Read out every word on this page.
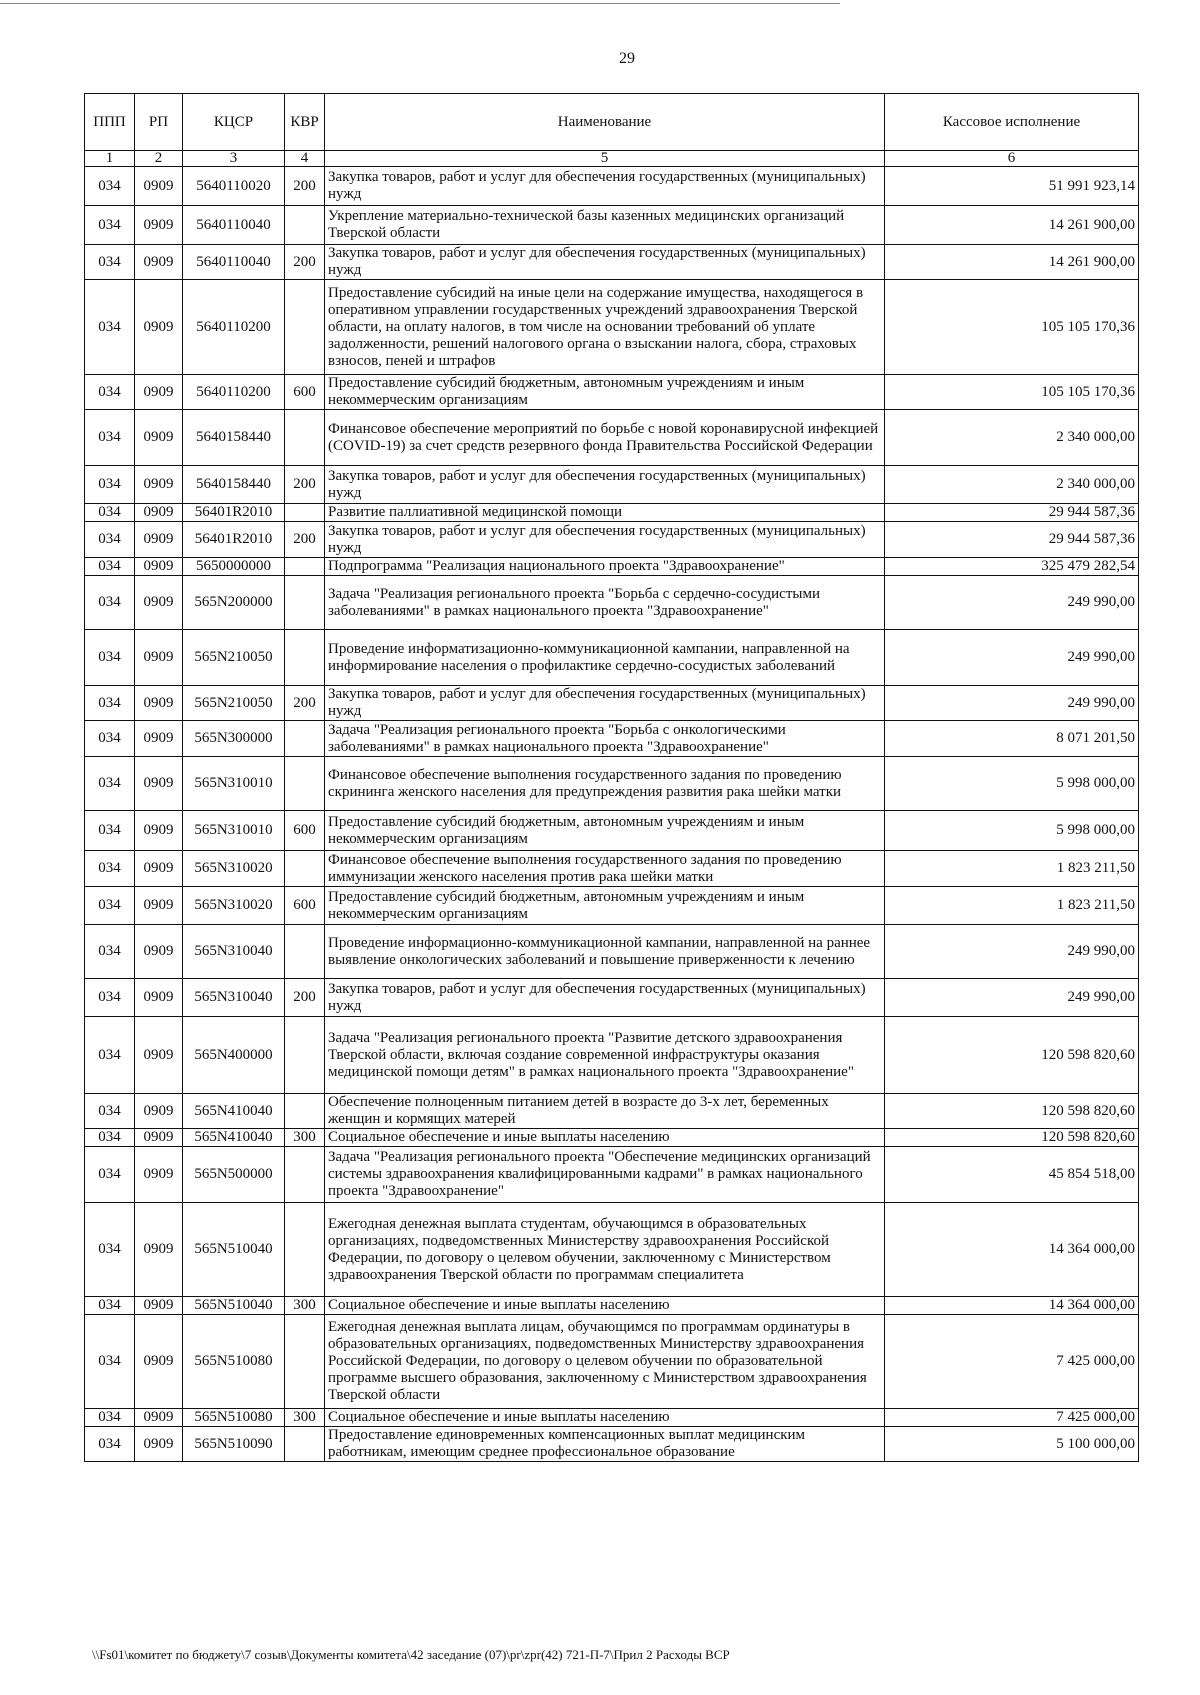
29
ППП	РП	КЦСР	КВР	Наименование	Кассовое исполнение
1	2	3	4	5	6
034	0909	5640110020	200	Закупка товаров, работ и услуг для обеспечения государственных (муниципальных) нужд	51 991 923,14
034	0909	5640110040		Укрепление материально-технической базы казенных медицинских организаций Тверской области	14 261 900,00
034	0909	5640110040	200	Закупка товаров, работ и услуг для обеспечения государственных (муниципальных) нужд	14 261 900,00
034	0909	5640110200		Предоставление субсидий на иные цели на содержание имущества, находящегося в оперативном управлении государственных учреждений здравоохранения Тверской области, на оплату налогов, в том числе на основании требований об уплате задолженности, решений налогового органа о взыскании налога, сбора, страховых взносов, пеней и штрафов	105 105 170,36
034	0909	5640110200	600	Предоставление субсидий бюджетным, автономным учреждениям и иным некоммерческим организациям	105 105 170,36
034	0909	5640158440		Финансовое обеспечение мероприятий по борьбе с новой коронавирусной инфекцией (COVID-19) за счет средств резервного фонда Правительства Российской Федерации	2 340 000,00
034	0909	5640158440	200	Закупка товаров, работ и услуг для обеспечения государственных (муниципальных) нужд	2 340 000,00
034	0909	56401R2010		Развитие паллиативной медицинской помощи	29 944 587,36
034	0909	56401R2010	200	Закупка товаров, работ и услуг для обеспечения государственных (муниципальных) нужд	29 944 587,36
034	0909	5650000000		Подпрограмма "Реализация национального проекта "Здравоохранение"	325 479 282,54
034	0909	565N200000		Задача "Реализация регионального проекта "Борьба с сердечно-сосудистыми заболеваниями" в рамках национального проекта "Здравоохранение"	249 990,00
034	0909	565N210050		Проведение информатизационно-коммуникационной кампании, направленной на информирование населения о профилактике сердечно-сосудистых заболеваний	249 990,00
034	0909	565N210050	200	Закупка товаров, работ и услуг для обеспечения государственных (муниципальных) нужд	249 990,00
034	0909	565N300000		Задача "Реализация регионального проекта "Борьба с онкологическими заболеваниями" в рамках национального проекта "Здравоохранение"	8 071 201,50
034	0909	565N310010		Финансовое обеспечение выполнения государственного задания по проведению скрининга женского населения для предупреждения развития рака шейки матки	5 998 000,00
034	0909	565N310010	600	Предоставление субсидий бюджетным, автономным учреждениям и иным некоммерческим организациям	5 998 000,00
034	0909	565N310020		Финансовое обеспечение выполнения государственного задания по проведению иммунизации женского населения против рака шейки матки	1 823 211,50
034	0909	565N310020	600	Предоставление субсидий бюджетным, автономным учреждениям и иным некоммерческим организациям	1 823 211,50
034	0909	565N310040		Проведение информационно-коммуникационной кампании, направленной на раннее выявление онкологических заболеваний и повышение приверженности к лечению	249 990,00
034	0909	565N310040	200	Закупка товаров, работ и услуг для обеспечения государственных (муниципальных) нужд	249 990,00
034	0909	565N400000		Задача "Реализация регионального проекта "Развитие детского здравоохранения Тверской области, включая создание современной инфраструктуры оказания медицинской помощи детям" в рамках национального проекта "Здравоохранение"	120 598 820,60
034	0909	565N410040		Обеспечение полноценным питанием детей в возрасте до 3-х лет, беременных женщин и кормящих матерей	120 598 820,60
034	0909	565N410040	300	Социальное обеспечение и иные выплаты населению	120 598 820,60
034	0909	565N500000		Задача "Реализация регионального проекта "Обеспечение медицинских организаций системы здравоохранения квалифицированными кадрами" в рамках национального проекта "Здравоохранение"	45 854 518,00
034	0909	565N510040		Ежегодная денежная выплата студентам, обучающимся в образовательных организациях, подведомственных Министерству здравоохранения Российской Федерации, по договору о целевом обучении, заключенному с Министерством здравоохранения Тверской области по программам специалитета	14 364 000,00
034	0909	565N510040	300	Социальное обеспечение и иные выплаты населению	14 364 000,00
034	0909	565N510080		Ежегодная денежная выплата лицам, обучающимся по программам ординатуры в образовательных организациях, подведомственных Министерству здравоохранения Российской Федерации, по договору о целевом обучении по образовательной программе высшего образования, заключенному с Министерством здравоохранения Тверской области	7 425 000,00
034	0909	565N510080	300	Социальное обеспечение и иные выплаты населению	7 425 000,00
034	0909	565N510090		Предоставление единовременных компенсационных выплат медицинским работникам, имеющим среднее профессиональное образование	5 100 000,00
\\Fs01\комитет по бюджету\7 созыв\Документы комитета\42 заседание (07)\pr\zpr(42) 721-П-7\Прил 2 Расходы ВСР
